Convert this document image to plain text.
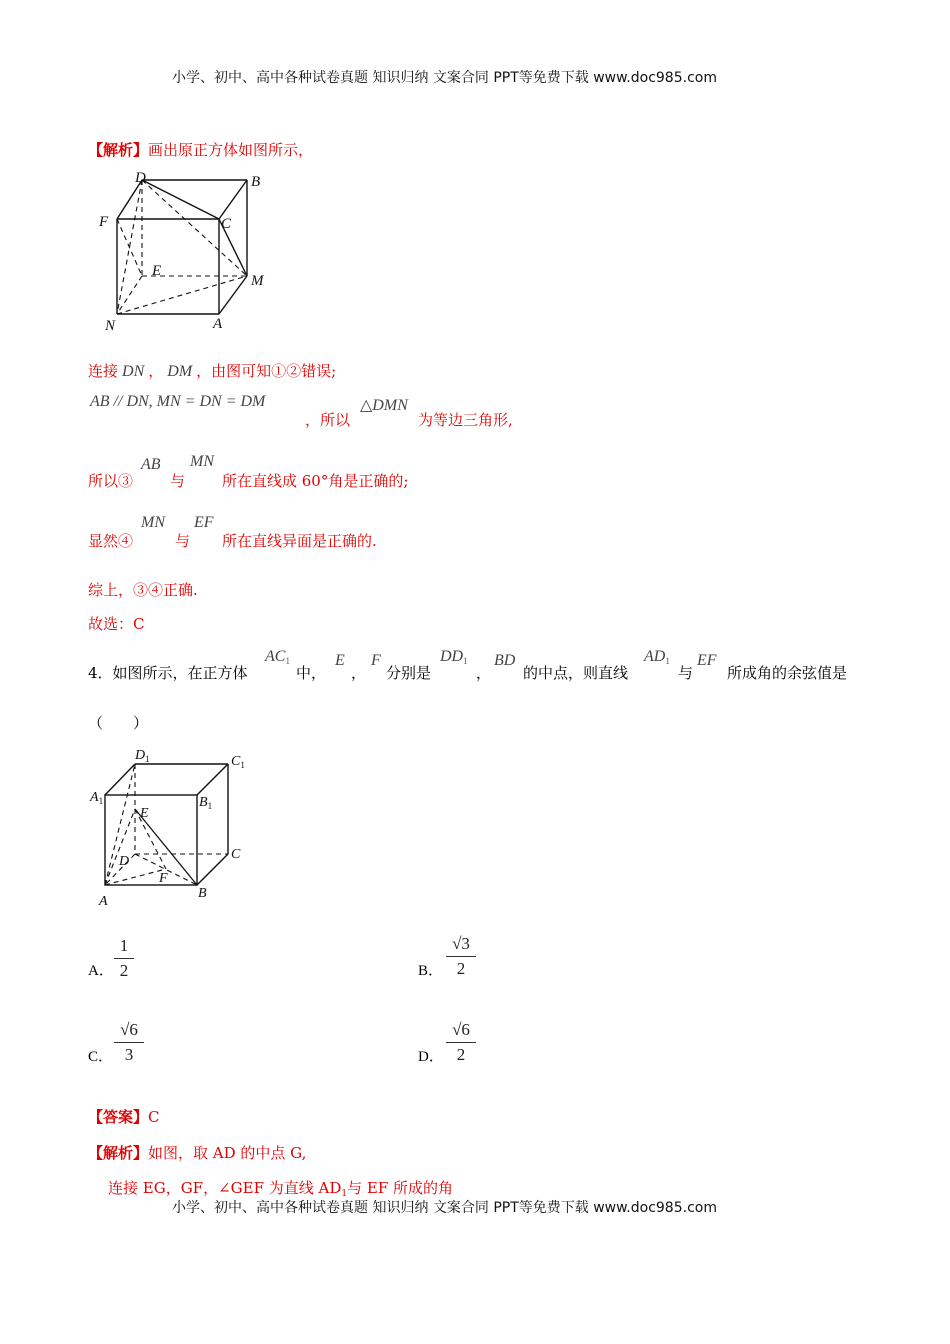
小学、初中、高中各种试卷真题 知识归纳 文案合同 PPT等免费下载 www.doc985.com
【解析】画出原正方体如图所示，
D	B
F	C
E
M
N	A
连接 DN ， DM ，由图可知①②错误;
AB // DN, MN = DN = DM
，所以
△DMN
为等边三角形,
所以③
AB
与
MN
所在直线成 60°角是正确的;
显然④
MN
与
EF
所在直线异面是正确的.
综上，③④正确.
故选：C
4．如图所示，在正方体
$AC_1$
中，
E
，
F
分别是
$DD_1$
，
BD
的中点，则直线
$AD_1$
与
EF
所成角的余弦值是
（　　）
$D_1$	$C_1$
$A_1$	$B_1$
E
D	C
F
A
B
A．
1
2	B．
√3
2
C．
√6
3	D．
√6
2
【答案】C
【解析】如图，取 AD 的中点 G,
连接 EG，GF，∠GEF 为直线 $AD_1$与 EF 所成的角
小学、初中、高中各种试卷真题 知识归纳 文案合同 PPT等免费下载 www.doc985.com
